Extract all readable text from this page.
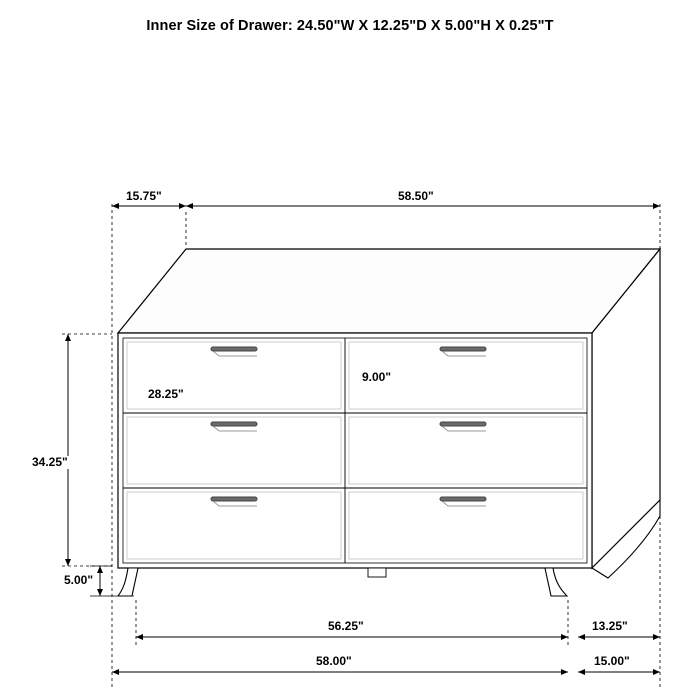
Inner Size of Drawer: 24.50"W X 12.25"D X 5.00"H X 0.25"T
15.75"	58.50"
28.25"
9.00"
34.25"
5.00"
56.25"
58.00"
13.25"
15.00"
